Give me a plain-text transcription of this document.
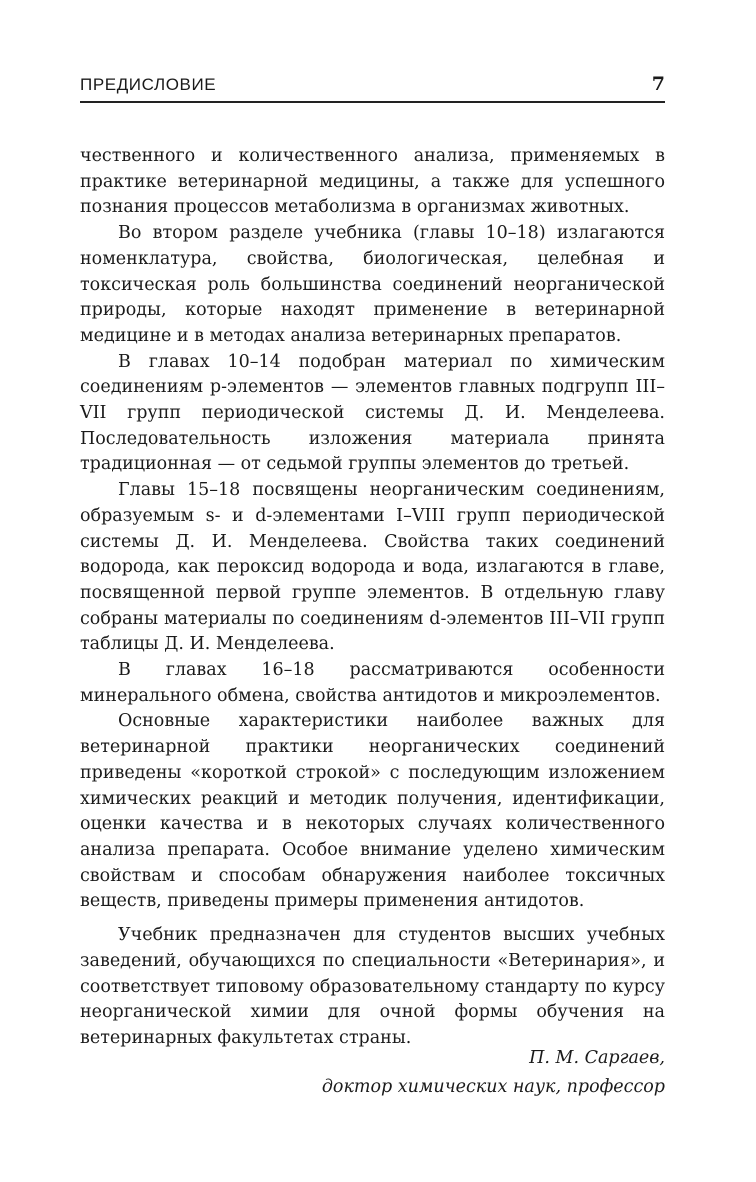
ПРЕДИСЛОВИЕ	7

чественного и количественного анализа, применяемых в практике ветеринарной медицины, а также для успешного познания процессов метаболизма в организмах животных.

Во втором разделе учебника (главы 10–18) излагаются номенклатура, свойства, биологическая, целебная и токсическая роль большинства соединений неорганической природы, которые находят применение в ветеринарной медицине и в методах анализа ветеринарных препаратов.

В главах 10–14 подобран материал по химическим соединениям p-элементов — элементов главных подгрупп III–VII групп периодической системы Д. И. Менделеева. Последовательность изложения материала принята традиционная — от седьмой группы элементов до третьей.

Главы 15–18 посвящены неорганическим соединениям, образуемым s- и d-элементами I–VIII групп периодической системы Д. И. Менделеева. Свойства таких соединений водорода, как пероксид водорода и вода, излагаются в главе, посвященной первой группе элементов. В отдельную главу собраны материалы по соединениям d-элементов III–VII групп таблицы Д. И. Менделеева.

В главах 16–18 рассматриваются особенности минерального обмена, свойства антидотов и микроэлементов.

Основные характеристики наиболее важных для ветеринарной практики неорганических соединений приведены «короткой строкой» с последующим изложением химических реакций и методик получения, идентификации, оценки качества и в некоторых случаях количественного анализа препарата. Особое внимание уделено химическим свойствам и способам обнаружения наиболее токсичных веществ, приведены примеры применения антидотов.

Учебник предназначен для студентов высших учебных заведений, обучающихся по специальности «Ветеринария», и соответствует типовому образовательному стандарту по курсу неорганической химии для очной формы обучения на ветеринарных факультетах страны.

П. М. Саргаев,
доктор химических наук, профессор
